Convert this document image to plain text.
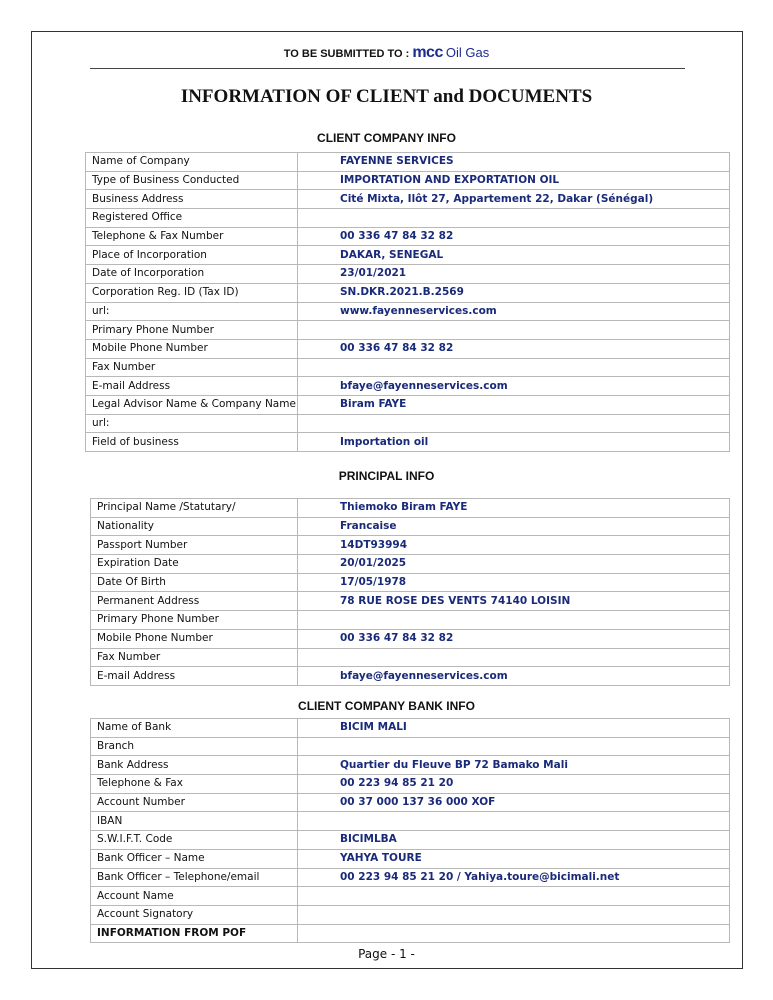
TO BE SUBMITTED TO : mcc Oil Gas
INFORMATION OF CLIENT and DOCUMENTS
CLIENT COMPANY INFO
Name of Company	FAYENNE SERVICES
Type of Business Conducted	IMPORTATION AND EXPORTATION OIL
Business Address	Cité Mixta, Ilôt 27, Appartement 22, Dakar (Sénégal)
Registered Office	
Telephone & Fax Number	00 336 47 84 32 82
Place of Incorporation	DAKAR, SENEGAL
Date of Incorporation	23/01/2021
Corporation Reg. ID (Tax ID)	SN.DKR.2021.B.2569
url:	www.fayenneservices.com
Primary Phone Number	
Mobile Phone Number	00 336 47 84 32 82
Fax Number	
E-mail Address	bfaye@fayenneservices.com
Legal Advisor Name & Company Name	Biram FAYE
url:	
Field of business	Importation oil
PRINCIPAL INFO
Principal Name /Statutary/	Thiemoko Biram FAYE
Nationality	Francaise
Passport Number	14DT93994
Expiration Date	20/01/2025
Date Of Birth	17/05/1978
Permanent Address	78 RUE ROSE DES VENTS 74140 LOISIN
Primary Phone Number	
Mobile Phone Number	00 336 47 84 32 82
Fax Number	
E-mail Address	bfaye@fayenneservices.com
CLIENT COMPANY BANK INFO
Name of Bank	BICIM MALI
Branch	
Bank Address	Quartier du Fleuve BP 72 Bamako Mali
Telephone & Fax	00 223 94 85 21 20
Account Number	00 37 000 137 36 000 XOF
IBAN	
S.W.I.F.T. Code	BICIMLBA
Bank Officer – Name	YAHYA TOURE
Bank Officer – Telephone/email	00 223 94 85 21 20 / Yahiya.toure@bicimali.net
Account Name	
Account Signatory	
INFORMATION FROM POF	
Page - 1 -
